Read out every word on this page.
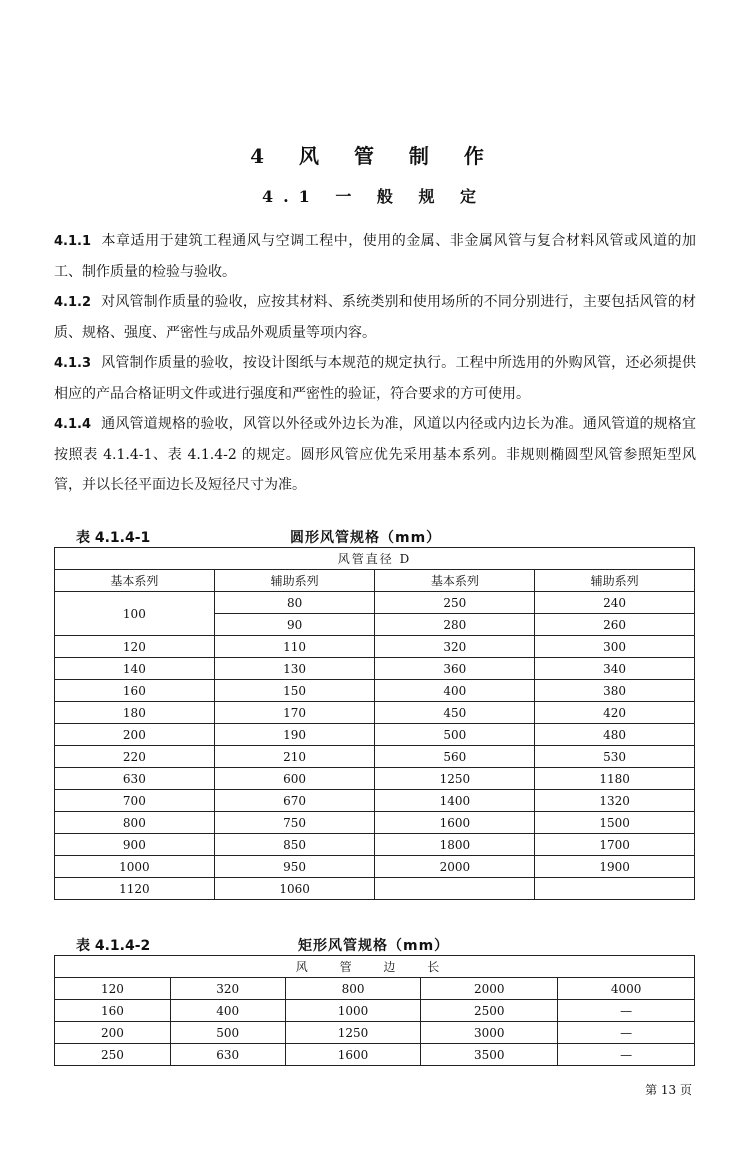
4 风 管 制 作
4.1 一 般 规 定

4.1.1 本章适用于建筑工程通风与空调工程中，使用的金属、非金属风管与复合材料风管或风道的加工、制作质量的检验与验收。

4.1.2 对风管制作质量的验收，应按其材料、系统类别和使用场所的不同分别进行，主要包括风管的材质、规格、强度、严密性与成品外观质量等项内容。

4.1.3 风管制作质量的验收，按设计图纸与本规范的规定执行。工程中所选用的外购风管，还必须提供相应的产品合格证明文件或进行强度和严密性的验证，符合要求的方可使用。

4.1.4 通风管道规格的验收，风管以外径或外边长为准，风道以内径或内边长为准。通风管道的规格宜按照表 4.1.4-1、表 4.1.4-2 的规定。圆形风管应优先采用基本系列。非规则椭圆型风管参照矩型风管，并以长径平面边长及短径尺寸为准。

表 4.1.4-1	圆形风管规格（mm）
风管直径 D			
基本系列	辅助系列	基本系列	辅助系列
100	80	250	240
	90	280	260
120	110	320	300
140	130	360	340
160	150	400	380
180	170	450	420
200	190	500	480
220	210	560	530
630	600	1250	1180
700	670	1400	1320
800	750	1600	1500
900	850	1800	1700
1000	950	2000	1900
1120	1060		
表 4.1.4-2	矩形风管规格（mm）
风 管 边 长				
120	320	800	2000	4000
160	400	1000	2500	—
200	500	1250	3000	—
250	630	1600	3500	—
第 13 页
